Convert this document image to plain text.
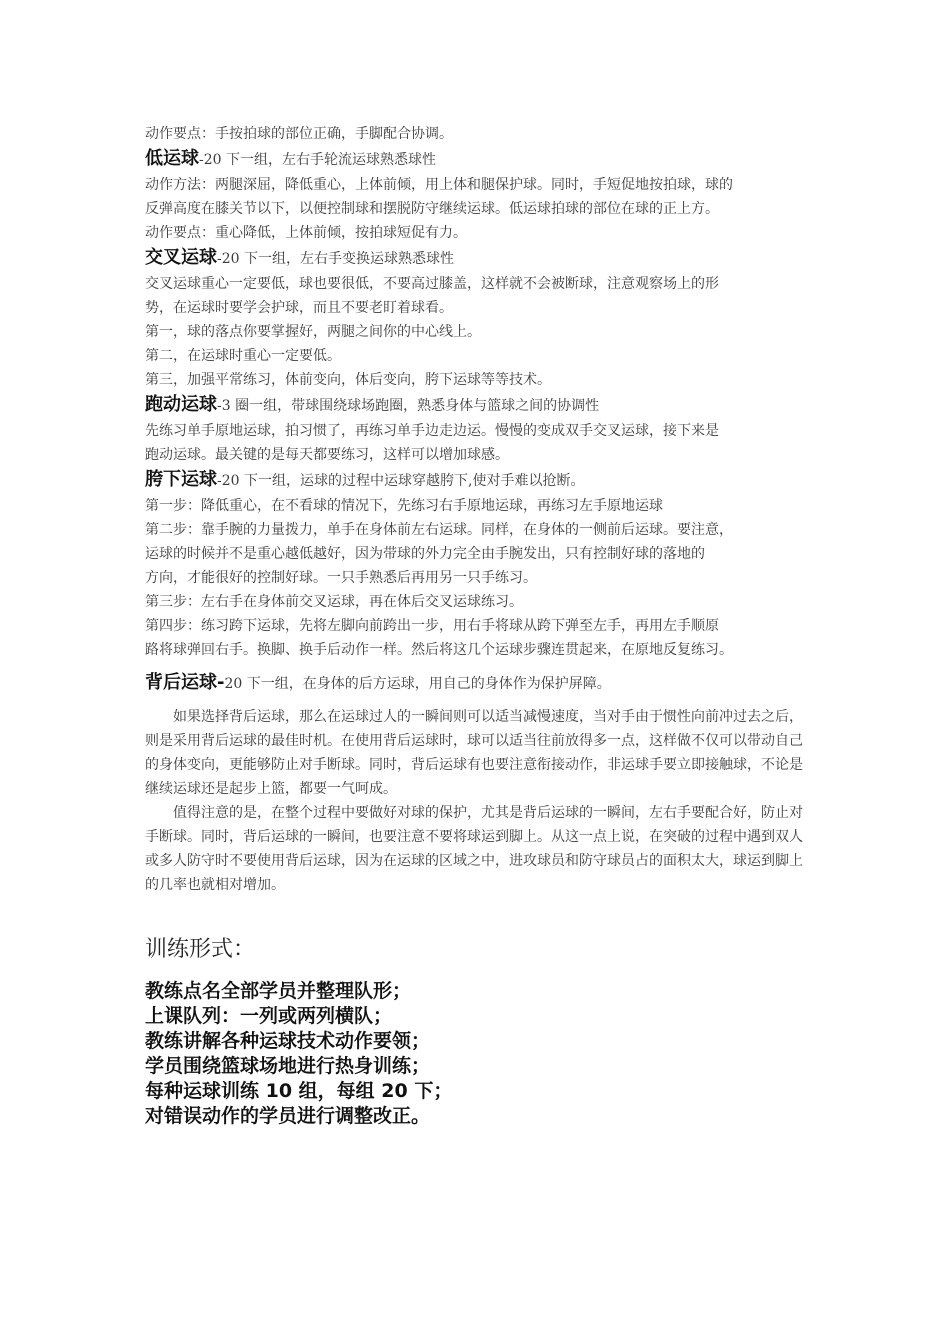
动作要点：手按拍球的部位正确，手脚配合协调。

低运球-20 下一组，左右手轮流运球熟悉球性

动作方法：两腿深屈，降低重心，上体前倾，用上体和腿保护球。同时，手短促地按拍球，球的

反弹高度在膝关节以下，以便控制球和摆脱防守继续运球。低运球拍球的部位在球的正上方。

动作要点：重心降低，上体前倾，按拍球短促有力。

交叉运球-20 下一组，左右手变换运球熟悉球性

交叉运球重心一定要低，球也要很低，不要高过膝盖，这样就不会被断球，注意观察场上的形

势，在运球时要学会护球，而且不要老盯着球看。

第一，球的落点你要掌握好，两腿之间你的中心线上。

第二，在运球时重心一定要低。

第三，加强平常练习，体前变向，体后变向，胯下运球等等技术。

跑动运球-3 圈一组，带球围绕球场跑圈，熟悉身体与篮球之间的协调性

先练习单手原地运球，拍习惯了，再练习单手边走边运。慢慢的变成双手交叉运球，接下来是

跑动运球。最关键的是每天都要练习，这样可以增加球感。

胯下运球-20 下一组，运球的过程中运球穿越胯下,使对手难以抢断。

第一步：降低重心，在不看球的情况下，先练习右手原地运球，再练习左手原地运球

第二步：靠手腕的力量拨力，单手在身体前左右运球。同样，在身体的一侧前后运球。要注意，

运球的时候并不是重心越低越好，因为带球的外力完全由手腕发出，只有控制好球的落地的

方向，才能很好的控制好球。一只手熟悉后再用另一只手练习。

第三步：左右手在身体前交叉运球，再在体后交叉运球练习。

第四步：练习跨下运球，先将左脚向前跨出一步，用右手将球从跨下弹至左手，再用左手顺原

路将球弹回右手。换脚、换手后动作一样。然后将这几个运球步骤连贯起来，在原地反复练习。

背后运球-20 下一组，在身体的后方运球，用自己的身体作为保护屏障。

如果选择背后运球，那么在运球过人的一瞬间则可以适当减慢速度，当对手由于惯性向前冲过去之后，则是采用背后运球的最佳时机。在使用背后运球时，球可以适当往前放得多一点，这样做不仅可以带动自己的身体变向，更能够防止对手断球。同时，背后运球有也要注意衔接动作，非运球手要立即接触球，不论是继续运球还是起步上篮，都要一气呵成。

值得注意的是，在整个过程中要做好对球的保护，尤其是背后运球的一瞬间，左右手要配合好，防止对手断球。同时，背后运球的一瞬间，也要注意不要将球运到脚上。从这一点上说，在突破的过程中遇到双人或多人防守时不要使用背后运球，因为在运球的区域之中，进攻球员和防守球员占的面积太大，球运到脚上的几率也就相对增加。

训练形式：

教练点名全部学员并整理队形；

上课队列：一列或两列横队；

教练讲解各种运球技术动作要领；

学员围绕篮球场地进行热身训练；

每种运球训练 10 组，每组 20 下；

对错误动作的学员进行调整改正。
